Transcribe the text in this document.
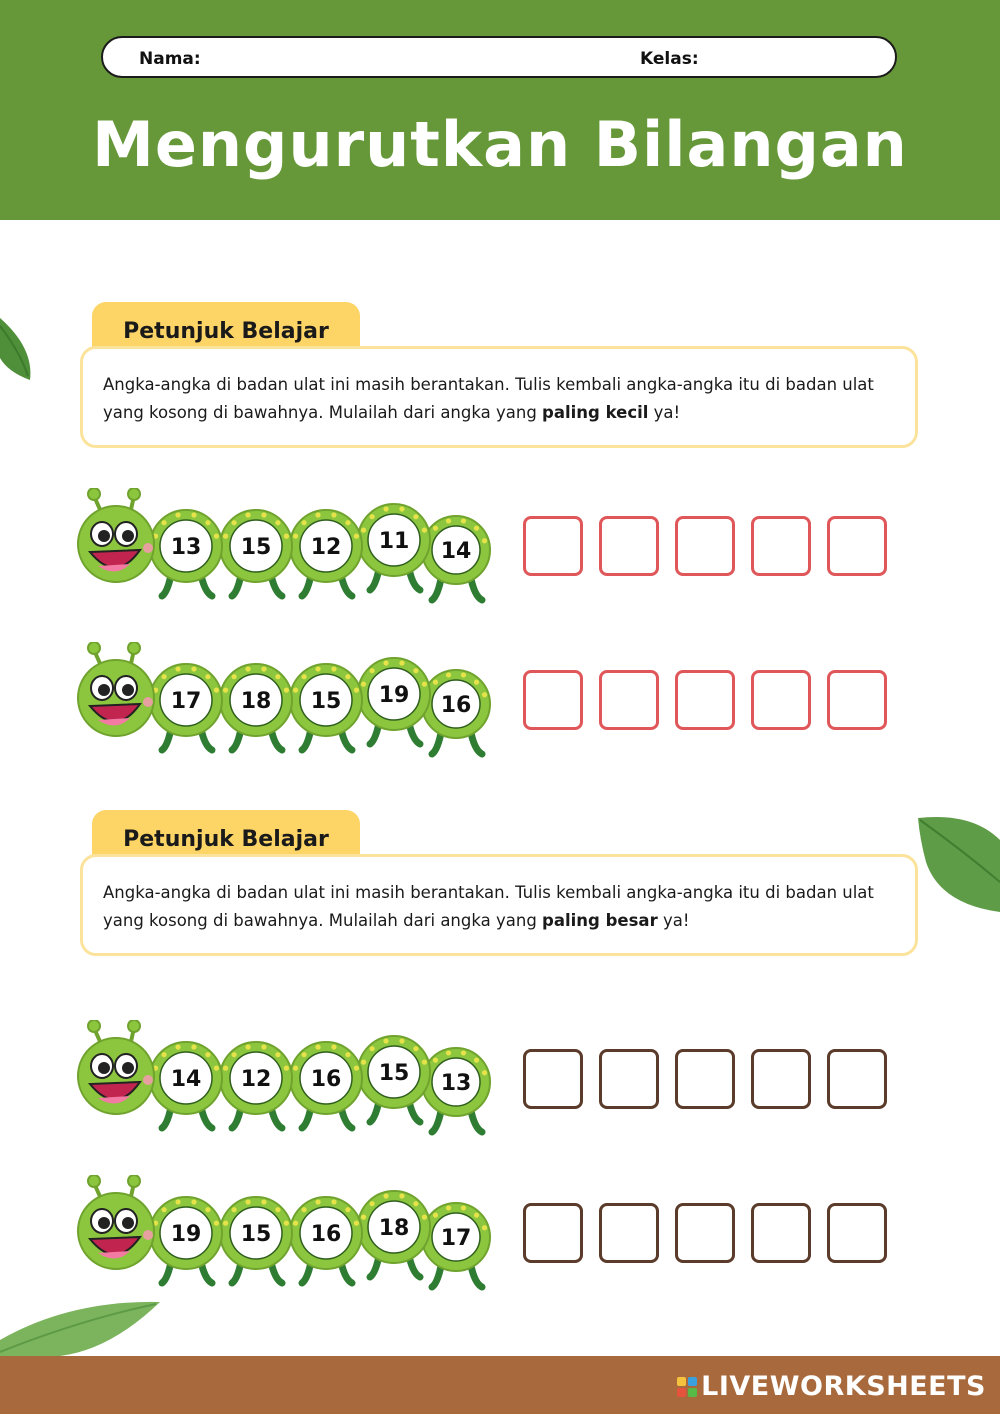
Nama:	Kelas:
Mengurutkan Bilangan
Petunjuk Belajar
Angka-angka di badan ulat ini masih berantakan. Tulis kembali angka-angka itu di badan ulat yang kosong di bawahnya. Mulailah dari angka yang paling kecil ya!
14
11
12
15
13
16
19
15
18
17
Petunjuk Belajar
Angka-angka di badan ulat ini masih berantakan. Tulis kembali angka-angka itu di badan ulat yang kosong di bawahnya. Mulailah dari angka yang paling besar ya!
13
15
16
12
14
17
18
16
15
19
LIVEWORKSHEETS
